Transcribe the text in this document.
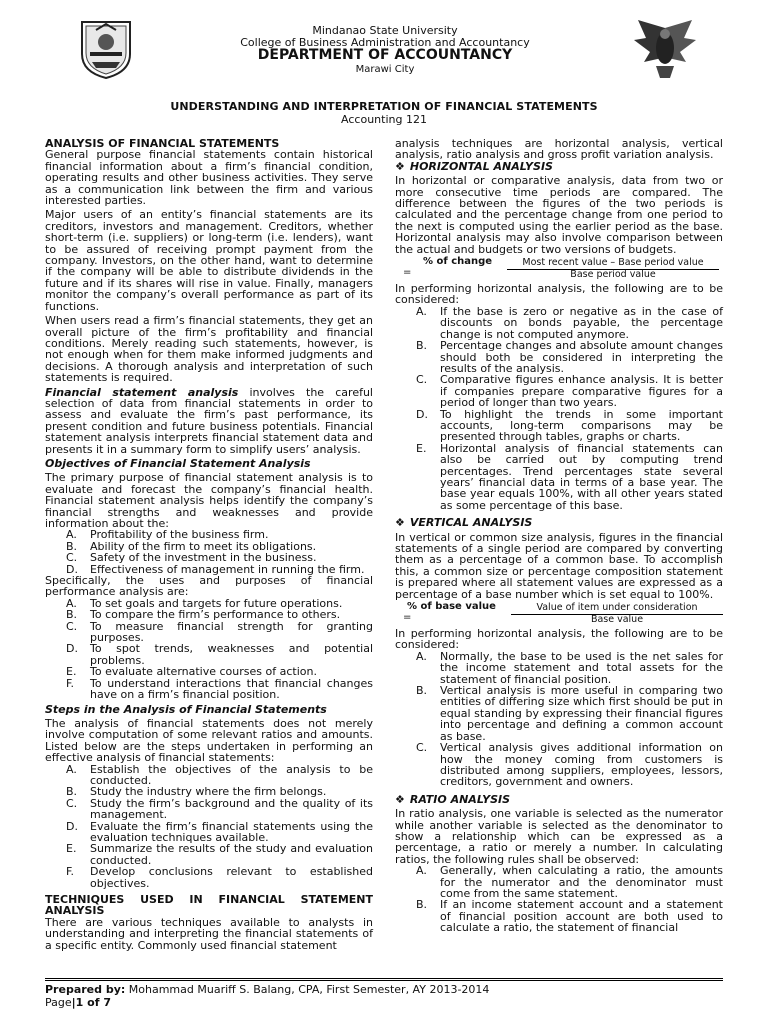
Mindanao State University
College of Business Administration and Accountancy
DEPARTMENT OF ACCOUNTANCY
Marawi City
UNDERSTANDING AND INTERPRETATION OF FINANCIAL STATEMENTS
Accounting 121

ANALYSIS OF FINANCIAL STATEMENTS

General purpose financial statements contain historical financial information about a firm’s financial condition, operating results and other business activities. They serve as a communication link between the firm and various interested parties.

Major users of an entity’s financial statements are its creditors, investors and management. Creditors, whether short-term (i.e. suppliers) or long-term (i.e. lenders), want to be assured of receiving prompt payment from the company. Investors, on the other hand, want to determine if the company will be able to distribute dividends in the future and if its shares will rise in value. Finally, managers monitor the company’s overall performance as part of its functions.

When users read a firm’s financial statements, they get an overall picture of the firm’s profitability and financial conditions. Merely reading such statements, however, is not enough when for them make informed judgments and decisions. A thorough analysis and interpretation of such statements is required.

Financial statement analysis involves the careful selection of data from financial statements in order to assess and evaluate the firm’s past performance, its present condition and future business potentials. Financial statement analysis interprets financial statement data and presents it in a summary form to simplify users’ analysis.

Objectives of Financial Statement Analysis

The primary purpose of financial statement analysis is to evaluate and forecast the company’s financial health. Financial statement analysis helps identify the company’s financial strengths and weaknesses and provide information about the:

A. Profitability of the business firm.
B. Ability of the firm to meet its obligations.
C. Safety of the investment in the business.
D. Effectiveness of management in running the firm.

Specifically, the uses and purposes of financial performance analysis are:

A. To set goals and targets for future operations.
B. To compare the firm’s performance to others.
C. To measure financial strength for granting purposes.
D. To spot trends, weaknesses and potential problems.
E. To evaluate alternative courses of action.
F. To understand interactions that financial changes have on a firm’s financial position.

Steps in the Analysis of Financial Statements

The analysis of financial statements does not merely involve computation of some relevant ratios and amounts. Listed below are the steps undertaken in performing an effective analysis of financial statements:

A. Establish the objectives of the analysis to be conducted.
B. Study the industry where the firm belongs.
C. Study the firm’s background and the quality of its management.
D. Evaluate the firm’s financial statements using the evaluation techniques available.
E. Summarize the results of the study and evaluation conducted.
F. Develop conclusions relevant to established objectives.

TECHNIQUES USED IN FINANCIAL STATEMENT ANALYSIS

There are various techniques available to analysts in understanding and interpreting the financial statements of a specific entity. Commonly used financial statement

analysis techniques are horizontal analysis, vertical analysis, ratio analysis and gross profit variation analysis.

❖ HORIZONTAL ANALYSIS

In horizontal or comparative analysis, data from two or more consecutive time periods are compared. The difference between the figures of the two periods is calculated and the percentage change from one period to the next is computed using the earlier period as the base. Horizontal analysis may also involve comparison between the actual and budgets or two versions of budgets.

% of change
=
Most recent value – Base period value
Base period value

In performing horizontal analysis, the following are to be considered:

A. If the base is zero or negative as in the case of discounts on bonds payable, the percentage change is not computed anymore.
B. Percentage changes and absolute amount changes should both be considered in interpreting the results of the analysis.
C. Comparative figures enhance analysis. It is better if companies prepare comparative figures for a period of longer than two years.
D. To highlight the trends in some important accounts, long-term comparisons may be presented through tables, graphs or charts.
E. Horizontal analysis of financial statements can also be carried out by computing trend percentages. Trend percentages state several years’ financial data in terms of a base year. The base year equals 100%, with all other years stated as some percentage of this base.

❖ VERTICAL ANALYSIS

In vertical or common size analysis, figures in the financial statements of a single period are compared by converting them as a percentage of a common base. To accomplish this, a common size or percentage composition statement is prepared where all statement values are expressed as a percentage of a base number which is set equal to 100%.

% of base value
=
Value of item under consideration
Base value

In performing horizontal analysis, the following are to be considered:

A. Normally, the base to be used is the net sales for the income statement and total assets for the statement of financial position.
B. Vertical analysis is more useful in comparing two entities of differing size which first should be put in equal standing by expressing their financial figures into percentage and defining a common account as base.
C. Vertical analysis gives additional information on how the money coming from customers is distributed among suppliers, employees, lessors, creditors, government and owners.

❖ RATIO ANALYSIS

In ratio analysis, one variable is selected as the numerator while another variable is selected as the denominator to show a relationship which can be expressed as a percentage, a ratio or merely a number. In calculating ratios, the following rules shall be observed:

A. Generally, when calculating a ratio, the amounts for the numerator and the denominator must come from the same statement.
B. If an income statement account and a statement of financial position account are both used to calculate a ratio, the statement of financial
Prepared by: Mohammad Muariff S. Balang, CPA, First Semester, AY 2013-2014
Page|1 of 7
